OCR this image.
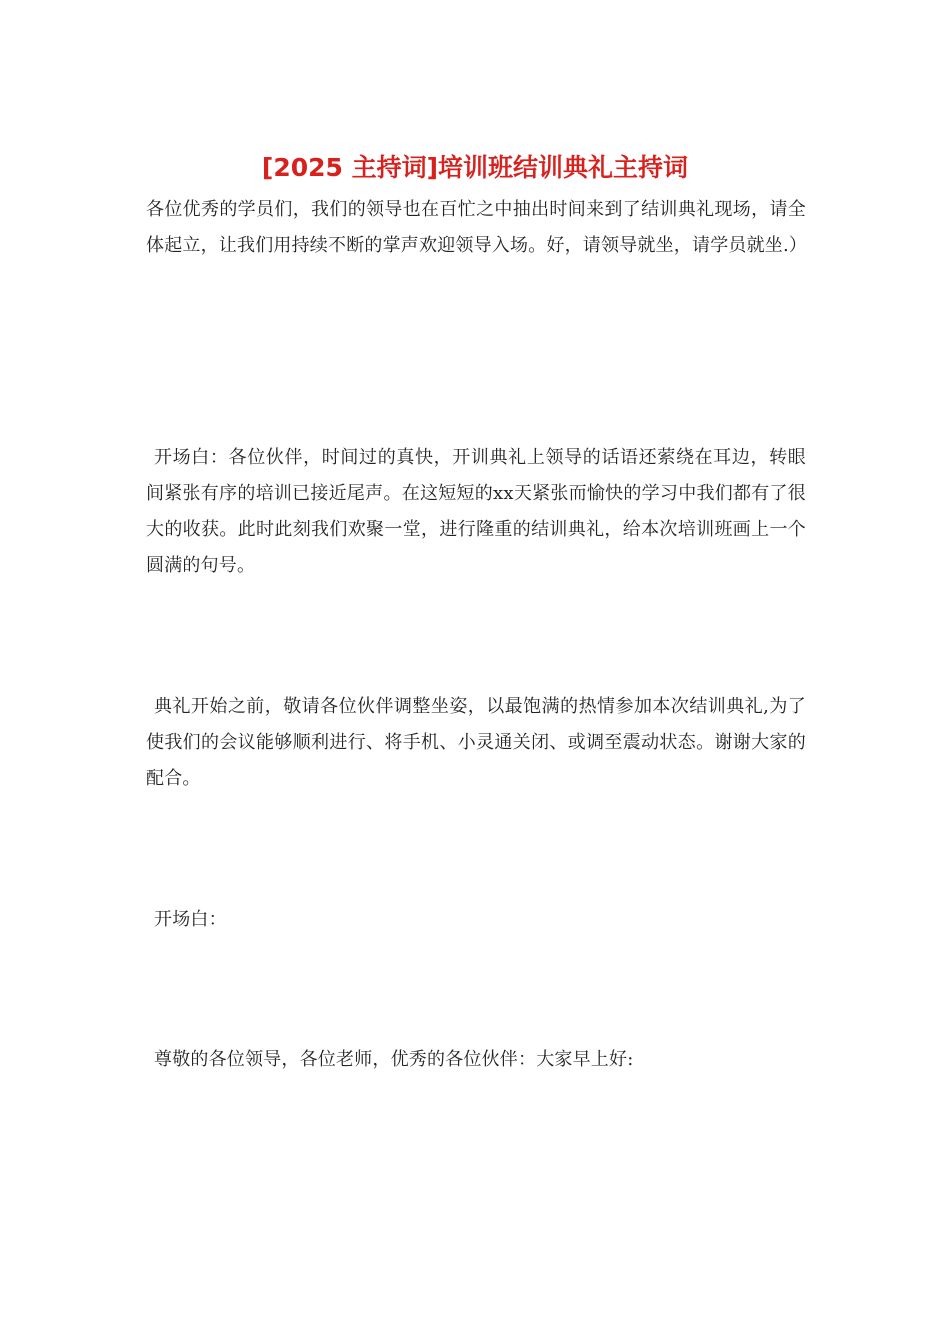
[2025 主持词]培训班结训典礼主持词

各位优秀的学员们，我们的领导也在百忙之中抽出时间来到了结训典礼现场，请全体起立，让我们用持续不断的掌声欢迎领导入场。好，请领导就坐，请学员就坐.）

开场白：各位伙伴，时间过的真快，开训典礼上领导的话语还萦绕在耳边，转眼间紧张有序的培训已接近尾声。在这短短的xx天紧张而愉快的学习中我们都有了很大的收获。此时此刻我们欢聚一堂，进行隆重的结训典礼，给本次培训班画上一个圆满的句号。

典礼开始之前，敬请各位伙伴调整坐姿，以最饱满的热情参加本次结训典礼,为了使我们的会议能够顺利进行、将手机、小灵通关闭、或调至震动状态。谢谢大家的配合。

开场白：

尊敬的各位领导，各位老师，优秀的各位伙伴：大家早上好:
